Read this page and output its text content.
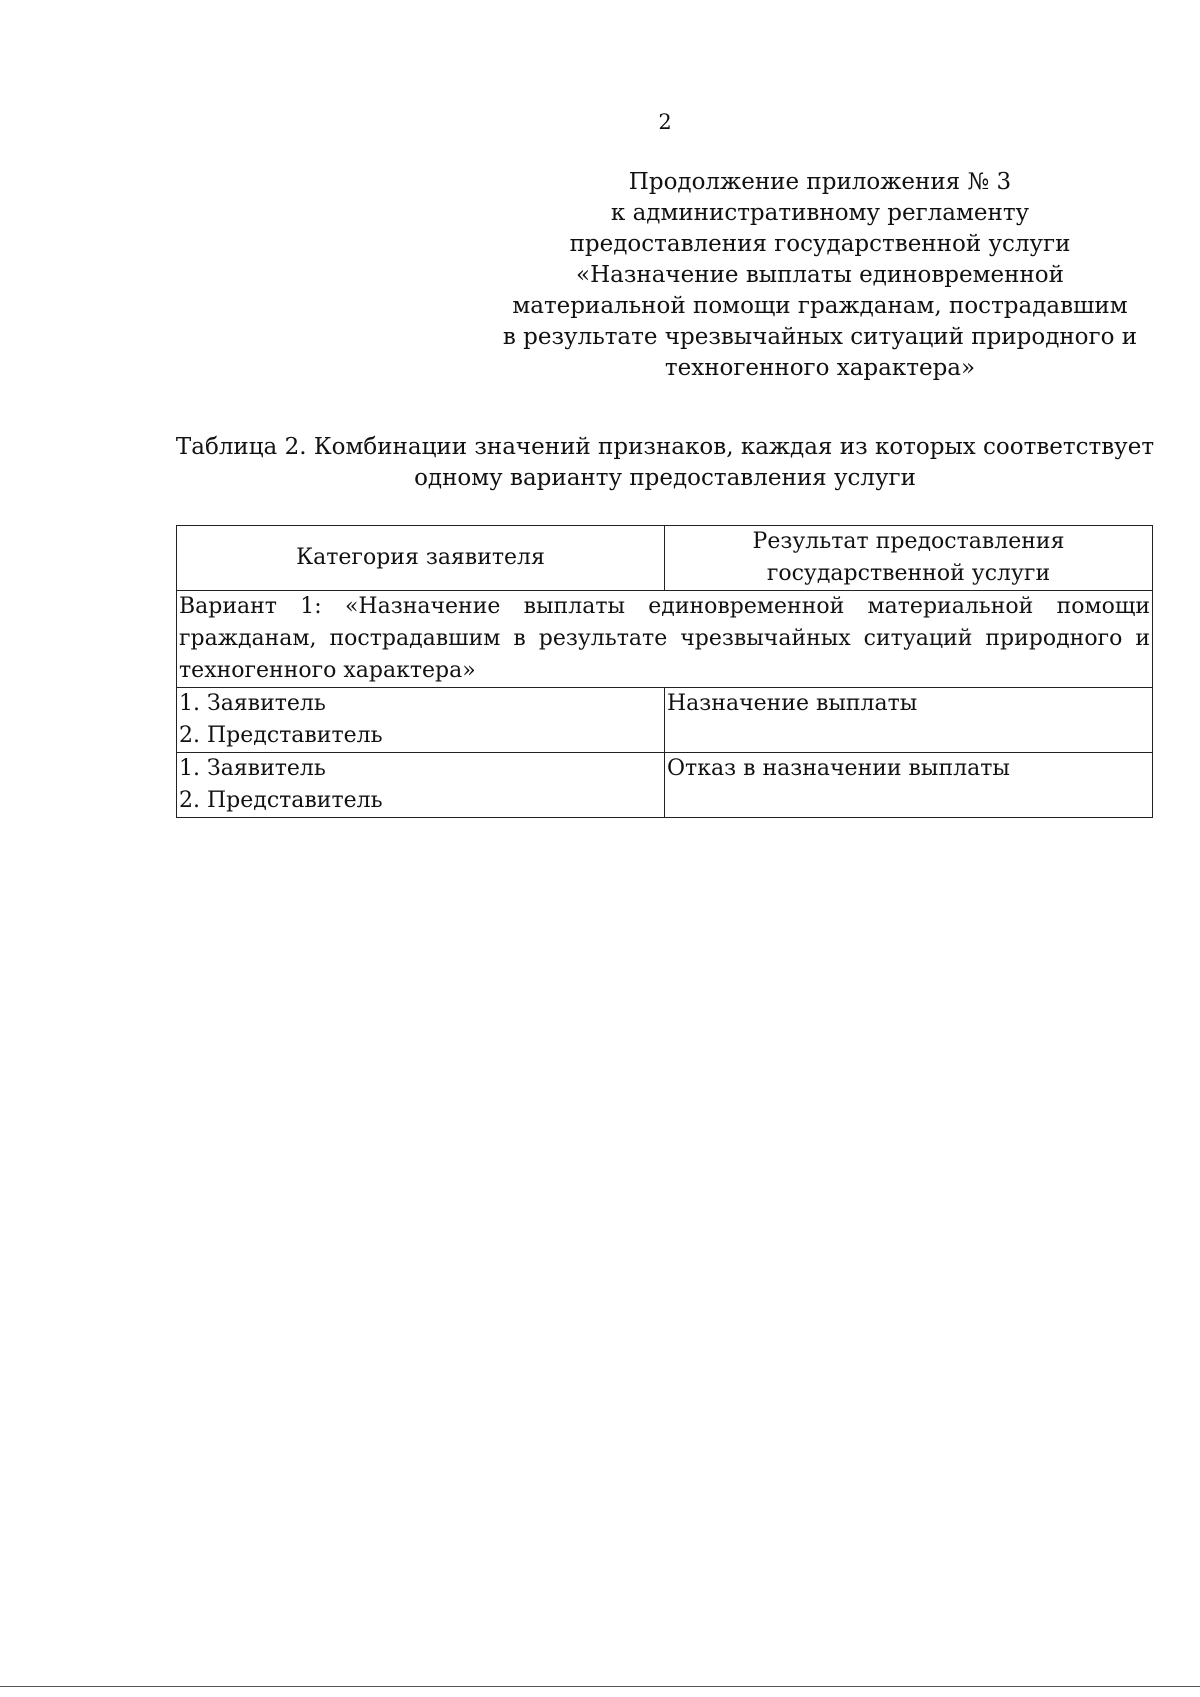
2
Продолжение приложения № 3
к административному регламенту
предоставления государственной услуги
«Назначение выплаты единовременной
материальной помощи гражданам, пострадавшим
в результате чрезвычайных ситуаций природного и
техногенного характера»
Таблица 2. Комбинации значений признаков, каждая из которых соответствует
одному варианту предоставления услуги
Категория заявителя	Результат предоставления государственной услуги
Вариант 1: «Назначение выплаты единовременной материальной помощи гражданам, пострадавшим в результате чрезвычайных ситуаций природного и техногенного характера»	

1. Заявитель
2. Представитель	Назначение выплаты

1. Заявитель
2. Представитель	Отказ в назначении выплаты
